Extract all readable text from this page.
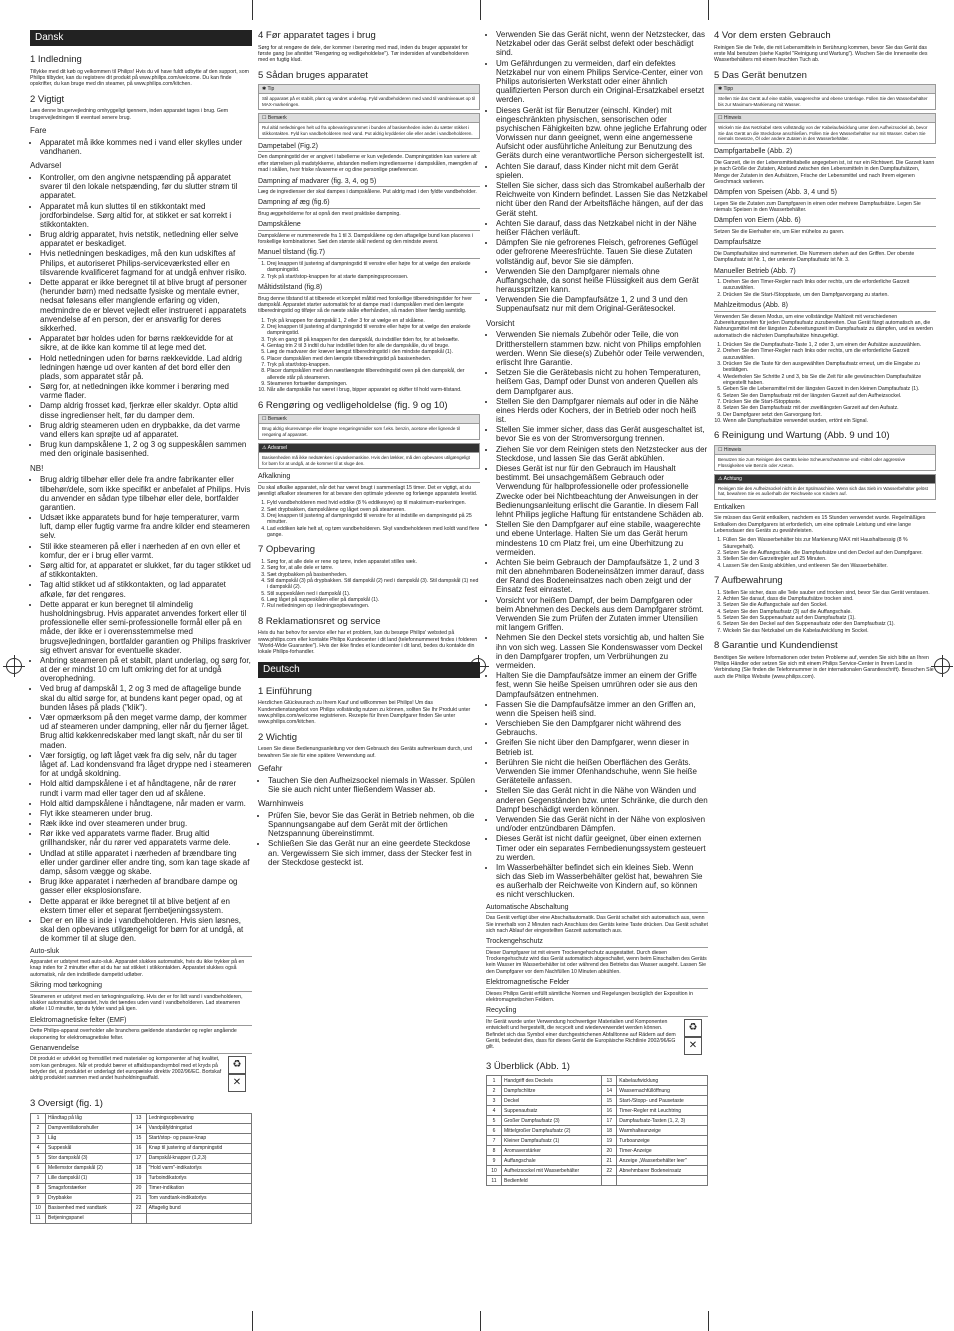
Dansk
1 Indledning

Tillykke med dit køb og velkommen til Philips! Hvis du vil have fuldt udbytte af den support, som Philips tilbyder, kan du registrere dit produkt på www.philips.com/welcome. Du kan finde opskrifter, du kan bruge med din steamer, på www.philips.com/kitchen.

2 Vigtigt

Læs denne brugervejledning omhyggeligt igennem, inden apparatet tages i brug. Gem brugervejledningen til eventuel senere brug.

Fare
• Apparatet må ikke kommes ned i vand eller skylles under vandhanen.
Advarsel
• Kontroller, om den angivne netspænding på apparatet svarer til den lokale netspænding, før du slutter strøm til apparatet.
• Apparatet må kun sluttes til en stikkontakt med jordforbindelse. Sørg altid for, at stikket er sat korrekt i stikkontakten.
• Brug aldrig apparatet, hvis netstik, netledning eller selve apparatet er beskadiget.
• Hvis netledningen beskadiges, må den kun udskiftes af Philips, et autoriseret Philips-serviceværksted eller en tilsvarende kvalificeret fagmand for at undgå enhver risiko.
• Dette apparat er ikke beregnet til at blive brugt af personer (herunder børn) med nedsatte fysiske og mentale evner, nedsat følesans eller manglende erfaring og viden, medmindre de er blevet vejledt eller instrueret i apparatets anvendelse af en person, der er ansvarlig for deres sikkerhed.
• Apparatet bør holdes uden for børns rækkevidde for at sikre, at de ikke kan komme til at lege med det.
• Hold netledningen uden for børns rækkevidde. Lad aldrig ledningen hænge ud over kanten af det bord eller den plads, som apparatet står på.
• Sørg for, at netledningen ikke kommer i berøring med varme flader.
• Damp aldrig frosset kød, fjerkræ eller skaldyr. Optø altid disse ingredienser helt, før du damper dem.
• Brug aldrig steameren uden en drypbakke, da det varme vand ellers kan sprøjte ud af apparatet.
• Brug kun dampskålene 1, 2 og 3 og suppeskålen sammen med den originale basisenhed.
NB!
• Brug aldrig tilbehør eller dele fra andre fabrikanter eller tilbehør/dele, som ikke specifikt er anbefalet af Philips. Hvis du anvender en sådan type tilbehør eller dele, bortfalder garantien.
• Udsæt ikke apparatets bund for høje temperaturer, varm luft, damp eller fugtig varme fra andre kilder end steameren selv.
• Stil ikke steameren på eller i nærheden af en ovn eller et komfur, der er i brug eller varmt.
• Sørg altid for, at apparatet er slukket, før du tager stikket ud af stikkontakten.
• Tag altid stikket ud af stikkontakten, og lad apparatet afkøle, før det rengøres.
• Dette apparat er kun beregnet til almindelig husholdningsbrug. Hvis apparatet anvendes forkert eller til professionelle eller semi-professionelle formål eller på en måde, der ikke er i overensstemmelse med brugsvejledningen, bortfalder garantien og Philips fraskriver sig ethvert ansvar for eventuelle skader.
• Anbring steameren på et stabilt, plant underlag, og sørg for, at der er mindst 10 cm luft omkring det for at undgå overophedning.
• Ved brug af dampskål 1, 2 og 3 med de aftagelige bunde skal du altid sørge for, at bundens kant peger opad, og at bunden låses på plads ("klik").
• Vær opmærksom på den meget varme damp, der kommer ud af steameren under dampning, eller når du fjerner låget. Brug altid køkkenredskaber med langt skaft, når du ser til maden.
• Vær forsigtig, og løft låget væk fra dig selv, når du tager låget af. Lad kondensvand fra låget dryppe ned i steameren for at undgå skoldning.
• Hold altid dampskålene i et af håndtagene, når de rører rundt i varm mad eller tager den ud af skålene.
• Hold altid dampskålene i håndtagene, når maden er varm.
• Flyt ikke steameren under brug.
• Ræk ikke ind over steameren under brug.
• Rør ikke ved apparatets varme flader. Brug altid grillhandsker, når du rører ved apparatets varme dele.
• Undlad at stille apparatet i nærheden af brændbare ting eller under gardiner eller andre ting, som kan tage skade af damp, såsom vægge og skabe.
• Brug ikke apparatet i nærheden af brandbare dampe og gasser eller eksplosionsfare.
• Dette apparat er ikke beregnet til at blive betjent af en ekstern timer eller et separat fjernbetjeningssystem.
• Der er en lille si inde i vandbeholderen. Hvis sien løsnes, skal den opbevares utilgængeligt for børn for at undgå, at de kommer til at sluge den.
Auto-sluk

Apparatet er udstyret med auto-sluk. Apparatet slukkes automatisk, hvis du ikke trykker på en knap inden for 2 minutter efter at du har sat stikket i stikkontakten. Apparatet slukkes også automatisk, når den indstillede dampetid udløber.

Sikring mod tørkogning

Steameren er udstyret med en tørkogningssikring. Hvis der er for lidt vand i vandbeholderen, slukker automatisk apparatet, hvis det tændes uden vand i vandbeholderen. Lad steameren afkøle i 10 minutter, før du fylder vand på igen.

Elektromagnetiske felter (EMF)

Dette Philips-apparat overholder alle branchens gældende standarder og regler angående eksponering for elektromagnetiske felter.

Genanvendelse

Dit produkt er udviklet og fremstillet med materialer og komponenter af høj kvalitet, som kan genbruges. Når et produkt bærer et affaldsspandsymbol med et kryds på betyder det, at produktet er underlagt det europæiske direktiv 2002/96/EC. Bortskaf aldrig produktet sammen med andet husholdningsaffald.

♻ ✕
3 Oversigt (fig. 1)
1	Håndtag på låg	13	Ledningsopbevaring
2	Dampventilationshuller	14	Vandpåfyldningstud
3	Låg	15	Start/stop- og pause-knap
4	Suppeskål	16	Knap til justering af dampningstid
5	Stor dampskål (3)	17	Dampskål-knapper (1,2,3)
6	Mellemstor dampskål (2)	18	"Hold varm"-indikatorlys
7	Lille dampskål (1)	19	Turboindikatorlys
8	Smagsforstærker	20	Timer-indikation
9	Drypbakke	21	Tom vandtank-indikatorlys
10	Basisenhed med vandtank	22	Aftagelig bund
11	Betjeningspanel		
4 Før apparatet tages i brug

Sørg for at rengøre de dele, der kommer i berøring med mad, inden du bruger apparatet for første gang (se afsnittet "Rengøring og vedligeholdelse"). Tør indersiden af vandbeholderen med en fugtig klud.

5 Sådan bruges apparatet
✱ Tip
Stil apparatet på et stabilt, plant og vandret underlag. Fyld vandbeholderen med vand til vandniveauet op til MAX-markeringen.
☐ Bemærk
Rul altid netledningen helt ud fra opbevaringsrummet i bunden af basisenheden inden du sætter stikket i stikkontakten. Fyld kun vandbeholderen med vand. Put aldrig krydderier olie eller andet i vandbeholderen.
Dampetabel (Fig.2)

Den dampningstid der er angivet i tabellerne er kun vejledende. Dampningstiden kan variere alt efter størrelsen på madstykkerne, afstanden mellem ingredienserne i dampskålen, mængden af mad i skålen, hvor friske råvarerne er og dine personlige præferencer.

Dampning af madvarer (fig. 3, 4, og 5)

Læg de ingredienser der skal dampes i dampskålene. Put aldrig mad i den fyldte vandbeholder.

Dampning af æg (fig.6)

Brug æggeholderne for at opnå den mest praktiske dampning.

Dampskålene

Dampskålene er nummererede fra 1 til 3. Dampskålene og den aftagelige bund kan placeres i forskellige kombinationer. Sæt den største skål nederst og den mindste øverst.

Manuel tilstand (fig.7)
1. Drej knappen til justering af dampningstid til venstre eller højre for at vælge den ønskede dampningstid.
2. Tryk på start/stop-knappen for at starte dampningsprocessen.
Måltidstilstand (fig.8)

Brug denne tilstand til at tilberede et komplet måltid med forskellige tilberedningstider for hver dampskål. Apparatet starter automatisk for at dampe mad i dampskålen med den længste tilberedningstid og tilføjer så de næste skåle efterhånden, så maden bliver færdig samtidig.

1. Tryk på knappen for dampskål 1, 2 eller 3 for at vælge en af skålene.
2. Drej knappen til justering af dampningstid til venstre eller højre for at vælge den ønskede dampningstid.
3. Tryk en gang til på knappen for den dampskål, du indstiller tiden for, for at bekræfte.
4. Gentag trin 2 til 3 indtil du har indstillet tiden for alle de dampskåle, du vil bruge.
5. Læg de madvarer der kræver længst tilberedningstid i den mindste dampskål (1).
6. Placer dampskålen med den længste tilberedningstid på basisenheden.
7. Tryk på start/stop-knappen.
8. Placer dampskålen med den næstlængste tilberedningstid oven på den dampskål, der allerede står på steameren.
9. Steameren fortsætter dampningen.
10. Når alle dampskåle har været i brug, bipper apparatet og skifter til hold varm-tilstand.
6 Rengøring og vedligeholdelse (fig. 9 og 10)
☐ Bemærk
Brug aldrig skuresvampe eller knogne rengøringsmidler som f.eks. benzin, acetone eller lignende til rengøring af apparatet.
⚠ Advarsel
Basisenheden må ikke nedsænkes i opvaskemaskine. Hvis den lækker, må den opbevares utilgængeligt for børn for at undgå, at de kommer til at sluge den.
Afkalkning

Du skal afkalke apparatet, når det har været brugt i sammenlagt 15 timer. Det er vigtigt, at du jævnligt afkalker steameren for at bevare den optimale ydeevne og forlænge apparatets levetid.

1. Fyld vandbeholderen med hvid eddike (8 % eddikesyre) op til maksimum-markeringen.
2. Sæt drypbakken, dampskålene og låget oven på steameren.
3. Drej knappen til justering af dampningstid til venstre for at indstille en dampningstid på 25 minutter.
4. Lad eddiken køle helt af, og tøm vandbeholderen. Skyl vandbeholderen med koldt vand flere gange.
7 Opbevaring
1. Sørg for, at alle dele er rene og tørre, inden apparatet stilles væk.
2. Sørg for, at alle dele er tørre.
3. Sæt drypbakken på basisenheden.
4. Stil dampskål (3) på drypbakken. Stil dampskål (2) ned i dampskål (3). Stil dampskål (1) ned i dampskål (2).
5. Stil suppeskålen ned i dampskål (1).
6. Læg låget på suppeskålen eller på dampskål (1).
7. Rul netledningen op i ledningsopbevaringen.
8 Reklamationsret og service

Hvis du har behov for service eller har et problem, kan du besøge Philips' websted på www.philips.com eller kontakte Philips Kundecenter i dit land (telefonnummeret findes i folderen "World-Wide Guarantee"). Hvis der ikke findes et kundecenter i dit land, bedes du kontakte din lokale Philips-forhandler.

Deutsch
1 Einführung

Herzlichen Glückwunsch zu Ihrem Kauf und willkommen bei Philips! Um das Kundendienstangebot von Philips vollständig nutzen zu können, sollten Sie Ihr Produkt unter www.philips.com/welcome registrieren. Rezepte für Ihren Dampfgarer finden Sie unter www.philips.com/kitchen.

2 Wichtig

Lesen Sie diese Bedienungsanleitung vor dem Gebrauch des Geräts aufmerksam durch, und bewahren Sie sie für eine spätere Verwendung auf.

Gefahr
• Tauchen Sie den Aufheizsockel niemals in Wasser. Spülen Sie sie auch nicht unter fließendem Wasser ab.
Warnhinweis
• Prüfen Sie, bevor Sie das Gerät in Betrieb nehmen, ob die Spannungsangabe auf dem Gerät mit der örtlichen Netzspannung übereinstimmt.
• Schließen Sie das Gerät nur an eine geerdete Steckdose an. Vergewissern Sie sich immer, dass der Stecker fest in der Steckdose gesteckt ist.
• Verwenden Sie das Gerät nicht, wenn der Netzstecker, das Netzkabel oder das Gerät selbst defekt oder beschädigt sind.
• Um Gefährdungen zu vermeiden, darf ein defektes Netzkabel nur von einem Philips Service-Center, einer von Philips autorisierten Werkstatt oder einer ähnlich qualifizierten Person durch ein Original-Ersatzkabel ersetzt werden.
• Dieses Gerät ist für Benutzer (einschl. Kinder) mit eingeschränkten physischen, sensorischen oder psychischen Fähigkeiten bzw. ohne jegliche Erfahrung oder Vorwissen nur dann geeignet, wenn eine angemessene Aufsicht oder ausführliche Anleitung zur Benutzung des Geräts durch eine verantwortliche Person sichergestellt ist.
• Achten Sie darauf, dass Kinder nicht mit dem Gerät spielen.
• Stellen Sie sicher, dass sich das Stromkabel außerhalb der Reichweite von Kindern befindet. Lassen Sie das Netzkabel nicht über den Rand der Arbeitsfläche hängen, auf der das Gerät steht.
• Achten Sie darauf, dass das Netzkabel nicht in der Nähe heißer Flächen verläuft.
• Dämpfen Sie nie gefrorenes Fleisch, gefrorenes Geflügel oder gefrorene Meeresfrüchte. Tauen Sie diese Zutaten vollständig auf, bevor Sie sie dämpfen.
• Verwenden Sie den Dampfgarer niemals ohne Auffangschale, da sonst heiße Flüssigkeit aus dem Gerät herausspritzen kann.
• Verwenden Sie die Dampfaufsätze 1, 2 und 3 und den Suppenaufsatz nur mit dem Original-Gerätesockel.
Vorsicht
• Verwenden Sie niemals Zubehör oder Teile, die von Drittherstellern stammen bzw. nicht von Philips empfohlen werden. Wenn Sie diese(s) Zubehör oder Teile verwenden, erlischt Ihre Garantie.
• Setzen Sie die Gerätebasis nicht zu hohen Temperaturen, heißem Gas, Dampf oder Dunst von anderen Quellen als dem Dampfgarer aus.
• Stellen Sie den Dampfgarer niemals auf oder in die Nähe eines Herds oder Kochers, der in Betrieb oder noch heiß ist.
• Stellen Sie immer sicher, dass das Gerät ausgeschaltet ist, bevor Sie es von der Stromversorgung trennen.
• Ziehen Sie vor dem Reinigen stets den Netzstecker aus der Steckdose, und lassen Sie das Gerät abkühlen.
• Dieses Gerät ist nur für den Gebrauch im Haushalt bestimmt. Bei unsachgemäßem Gebrauch oder Verwendung für halbprofessionelle oder professionelle Zwecke oder bei Nichtbeachtung der Anweisungen in der Bedienungsanleitung erlischt die Garantie. In diesem Fall lehnt Philips jegliche Haftung für entstandene Schäden ab.
• Stellen Sie den Dampfgarer auf eine stabile, waagerechte und ebene Unterlage. Halten Sie um das Gerät herum mindestens 10 cm Platz frei, um eine Überhitzung zu vermeiden.
• Achten Sie beim Gebrauch der Dampfaufsätze 1, 2 und 3 mit den abnehmbaren Bodeneinsätzen immer darauf, dass der Rand des Bodeneinsatzes nach oben zeigt und der Einsatz fest einrastet.
• Vorsicht vor heißem Dampf, der beim Dampfgaren oder beim Abnehmen des Deckels aus dem Dampfgarer strömt. Verwenden Sie zum Prüfen der Zutaten immer Utensilien mit langem Griffen.
• Nehmen Sie den Deckel stets vorsichtig ab, und halten Sie ihn von sich weg. Lassen Sie Kondenswasser vom Deckel in den Dampfgarer tropfen, um Verbrühungen zu vermeiden.
• Halten Sie die Dampfaufsätze immer an einem der Griffe fest, wenn Sie heiße Speisen umrühren oder sie aus den Dampfaufsätzen entnehmen.
• Fassen Sie die Dampfaufsätze immer an den Griffen an, wenn die Speisen heiß sind.
• Verschieben Sie den Dampfgarer nicht während des Gebrauchs.
• Greifen Sie nicht über den Dampfgarer, wenn dieser in Betrieb ist.
• Berühren Sie nicht die heißen Oberflächen des Geräts. Verwenden Sie immer Ofenhandschuhe, wenn Sie heiße Geräteteile anfassen.
• Stellen Sie das Gerät nicht in die Nähe von Wänden und anderen Gegenständen bzw. unter Schränke, die durch den Dampf beschädigt werden können.
• Verwenden Sie das Gerät nicht in der Nähe von explosiven und/oder entzündbaren Dämpfen.
• Dieses Gerät ist nicht dafür geeignet, über einen externen Timer oder ein separates Fernbedienungssystem gesteuert zu werden.
• Im Wasserbehälter befindet sich ein kleines Sieb. Wenn sich das Sieb im Wasserbehälter gelöst hat, bewahren Sie es außerhalb der Reichweite von Kindern auf, so können es nicht verschlucken.
Automatische Abschaltung

Das Gerät verfügt über eine Abschaltautomatik. Das Gerät schaltet sich automatisch aus, wenn Sie innerhalb von 2 Minuten nach Anschluss des Geräts keine Taste drücken. Das Gerät schaltet sich nach Ablauf der eingestellten Garzeit automatisch aus.

Trockengehschutz

Dieser Dampfgarer ist mit einem Trockengehschutz ausgestattet. Durch diesen Trockengehschutz wird das Gerät automatisch abgeschaltet, wenn beim Einschalten des Geräts kein Wasser im Wasserbehälter ist oder während des Betriebs das Wasser ausgeht. Lassen Sie den Dampfgarer vor dem Nachfüllen 10 Minuten abkühlen.

Elektromagnetische Felder

Dieses Philips Gerät erfüllt sämtliche Normen und Regelungen bezüglich der Exposition in elektromagnetischen Feldern.

Recycling

Ihr Gerät wurde unter Verwendung hochwertiger Materialien und Komponenten entwickelt und hergestellt, die recycelt und wiederverwendet werden können. Befindet sich das Symbol einer durchgestrichenen Abfalltonne auf Rädern auf dem Gerät, bedeutet dies, dass für dieses Gerät die Europäische Richtlinie 2002/96/EG gilt.

♻ ✕
3 Überblick (Abb. 1)
1	Handgriff des Deckels	13	Kabelaufwicklung
2	Dampfschlitze	14	Wassernachfüllöffnung
3	Deckel	15	Start-/Stopp- und Pausetaste
4	Suppenaufsatz	16	Timer-Regler mit Leuchtring
5	Großer Dampfaufsatz (3)	17	Dampfaufsatz-Tasten (1, 2, 3)
6	Mittelgroßer Dampfaufsatz (2)	18	Warmhalteanzeige
7	Kleiner Dampfaufsatz (1)	19	Turboanzeige
8	Aromaverstärker	20	Timer-Anzeige
9	Auffangschale	21	Anzeige „Wasserbehälter leer"
10	Aufheizsockel mit Wasserbehälter	22	Abnehmbarer Bodeneinsatz
11	Bedienfeld		
4 Vor dem ersten Gebrauch

Reinigen Sie die Teile, die mit Lebensmitteln in Berührung kommen, bevor Sie das Gerät das erste Mal benutzen (siehe Kapitel "Reinigung und Wartung"). Wischen Sie die Innenseite des Wasserbehälters mit einem feuchten Tuch ab.

5 Das Gerät benutzen
✱ Tipp
Stellen Sie das Gerät auf eine stabile, waagerechte und ebene Unterlage. Füllen Sie den Wasserbehälter bis zur Maximum-Markierung mit Wasser.
☐ Hinweis
Wickeln Sie das Netzkabel stets vollständig von der Kabelaufwicklung unter dem Aufheizsockel ab, bevor Sie das Gerät an die Steckdose anschließen. Füllen Sie den Wasserbehälter nur mit Wasser. Geben Sie niemals Gewürze, Öl oder andere Zutaten in den Wasserbehälter.
Dampfgartabelle (Abb. 2)

Die Garzeit, die in der Lebensmitteltabelle angegeben ist, ist nur ein Richtwert. Die Garzeit kann je nach Größe der Zutaten, Abstand zwischen den Lebensmitteln in den Dampfaufsätzen, Menge der Zutaten in den Aufsätzen, Frische der Lebensmittel und nach Ihrem eigenen Geschmack variieren.

Dämpfen von Speisen (Abb. 3, 4 und 5)

Legen Sie die Zutaten zum Dampfgaren in einen oder mehrere Dampfaufsätze. Legen Sie niemals Speisen in den Wasserbehälter.

Dämpfen von Eiern (Abb. 6)

Setzen Sie die Eierhalter ein, um Eier mühelos zu garen.

Dampfaufsätze

Die Dampfaufsätze sind nummeriert. Die Nummern stehen auf den Griffen. Der oberste Dampfaufsatz ist Nr. 1, der unterste Dampfaufsatz ist Nr. 3.

Manueller Betrieb (Abb. 7)
1. Drehen Sie den Timer-Regler nach links oder rechts, um die erforderliche Garzeit auszuwählen.
2. Drücken Sie die Start-/Stopptaste, um den Dampfgarvorgang zu starten.
Mahlzeitmodus (Abb. 8)

Verwenden Sie diesen Modus, um eine vollständige Mahlzeit mit verschiedenen Zubereitungszeiten für jeden Dampfaufsatz zuzubereiten. Das Gerät fängt automatisch an, die Nahrungsmittel mit der längsten Zubereitungszeit im Dampfaufsatz zu dämpfen, und es werden automatisch die nächsten Dampfaufsätze hinzugefügt.

1. Drücken Sie die Dampfaufsatz-Taste 1, 2 oder 3, um einen der Aufsätze auszuwählen.
2. Drehen Sie den Timer-Regler nach links oder rechts, um die erforderliche Garzeit auszuwählen.
3. Drücken Sie die Taste für den ausgewählten Dampfaufsatz erneut, um die Eingabe zu bestätigen.
4. Wiederholen Sie Schritte 2 und 3, bis Sie die Zeit für alle gewünschten Dampfaufsätze eingestellt haben.
5. Geben Sie die Lebensmittel mit der längsten Garzeit in den kleinen Dampfaufsatz (1).
6. Setzen Sie den Dampfaufsatz mit der längsten Garzeit auf den Aufheizsockel.
7. Drücken Sie die Start-/Stopptaste.
8. Setzen Sie den Dampfaufsatz mit der zweitlängsten Garzeit auf den Aufsatz.
9. Der Dampfgarer setzt den Garvorgang fort.
10. Wenn alle Dampfaufsätze verwendet wurden, ertönt ein Signal.
6 Reinigung und Wartung (Abb. 9 und 10)
☐ Hinweis
Benutzen Sie zum Reinigen des Geräts keine Scheuerschwämme und -mittel oder aggressive Flüssigkeiten wie Benzin oder Azeton.
⚠ Achtung
Reinigen Sie den Aufheizsockel nicht in der Spülmaschine. Wenn sich das Sieb im Wasserbehälter gelöst hat, bewahren Sie es außerhalb der Reichweite von Kindern auf.
Entkalken

Sie müssen das Gerät entkalken, nachdem es 15 Stunden verwendet wurde. Regelmäßiges Entkalken des Dampfgarers ist erforderlich, um eine optimale Leistung und eine lange Lebensdauer des Geräts zu gewährleisten.

1. Füllen Sie den Wasserbehälter bis zur Markierung MAX mit Haushaltsessig (8 % Säuregehalt).
2. Setzen Sie die Auffangschale, die Dampfaufsätze und den Deckel auf den Dampfgarer.
3. Stellen Sie den Garzeitregler auf 25 Minuten.
4. Lassen Sie den Essig abkühlen, und entleeren Sie den Wasserbehälter.
7 Aufbewahrung
1. Stellen Sie sicher, dass alle Teile sauber und trocken sind, bevor Sie das Gerät verstauen.
2. Achten Sie darauf, dass die Dampfaufsätze trocken sind.
3. Setzen Sie die Auffangschale auf den Sockel.
4. Setzen Sie den Dampfaufsatz (3) auf die Auffangschale.
5. Setzen Sie den Suppenaufsatz auf den Dampfaufsatz (1).
6. Setzen Sie den Deckel auf den Suppenaufsatz oder den Dampfaufsatz (1).
7. Wickeln Sie das Netzkabel um die Kabelaufwicklung im Sockel.
8 Garantie und Kundendienst

Benötigen Sie weitere Informationen oder treten Probleme auf, wenden Sie sich bitte an Ihren Philips Händler oder setzen Sie sich mit einem Philips Service-Center in Ihrem Land in Verbindung (Sie finden die Telefonnummer in der internationalen Garantieschrift). Besuchen Sie auch die Philips Website (www.philips.com).
